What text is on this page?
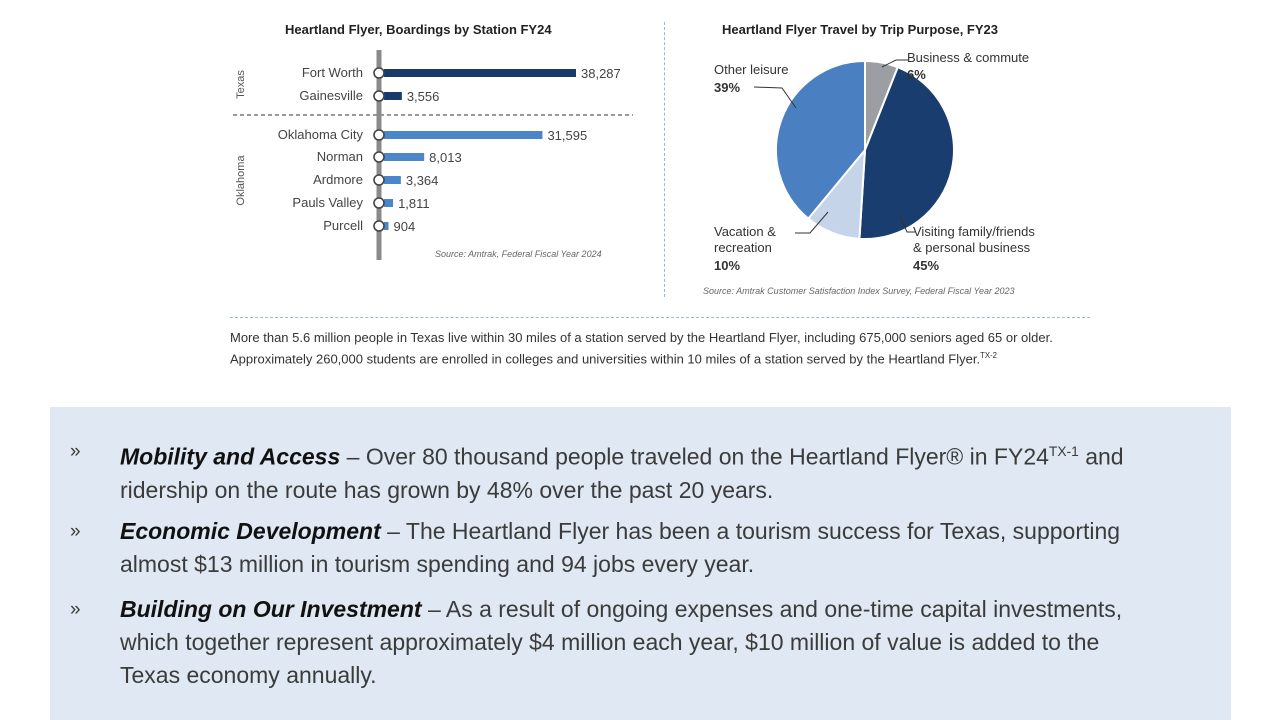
Heartland Flyer, Boardings by Station FY24
Texas
Oklahoma
Fort Worth	38,287
Gainesville	3,556
Oklahoma City	31,595
Norman	8,013
Ardmore	3,364
Pauls Valley	1,811
Purcell 904
Source: Amtrak, Federal Fiscal Year 2024
Heartland Flyer Travel by Trip Purpose, FY23
Business & commute
6%
Other leisure
39%
Vacation &
recreation
10%
Visiting family/friends
& personal business
45%
Source: Amtrak Customer Satisfaction Index Survey, Federal Fiscal Year 2023
More than 5.6 million people in Texas live within 30 miles of a station served by the Heartland Flyer, including 675,000 seniors aged 65 or older. Approximately 260,000 students are enrolled in colleges and universities within 10 miles of a station served by the Heartland Flyer.$^{TX-2}$
» Mobility and Access – Over 80 thousand people traveled on the Heartland Flyer® in $FY24^{TX-1}$ and ridership on the route has grown by 48% over the past 20 years.
» Economic Development – The Heartland Flyer has been a tourism success for Texas, supporting almost $13 million in tourism spending and 94 jobs every year.
» Building on Our Investment – As a result of ongoing expenses and one-time capital investments, which together represent approximately $4 million each year, $10 million of value is added to the Texas economy annually.
